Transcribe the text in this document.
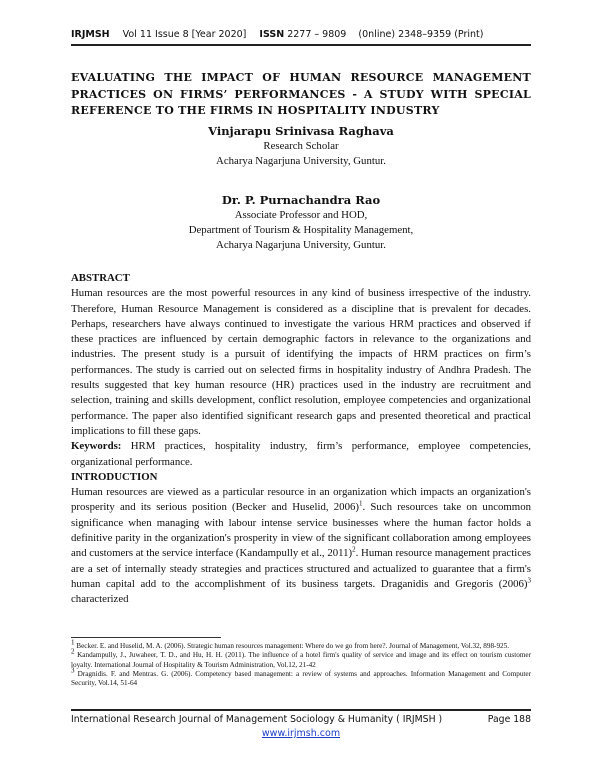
IRJMSH Vol 11 Issue 8 [Year 2020] ISSN 2277 – 9809    (0nline) 2348–9359 (Print)
EVALUATING THE IMPACT OF HUMAN RESOURCE MANAGEMENT PRACTICES ON FIRMS’ PERFORMANCES - A STUDY WITH SPECIAL REFERENCE TO THE FIRMS IN HOSPITALITY INDUSTRY
Vinjarapu Srinivasa Raghava
Research Scholar
Acharya Nagarjuna University, Guntur.
Dr. P. Purnachandra Rao
Associate Professor and HOD,
Department of Tourism & Hospitality Management,
Acharya Nagarjuna University, Guntur.
ABSTRACT
Human resources are the most powerful resources in any kind of business irrespective of the industry. Therefore, Human Resource Management is considered as a discipline that is prevalent for decades. Perhaps, researchers have always continued to investigate the various HRM practices and observed if these practices are influenced by certain demographic factors in relevance to the organizations and industries. The present study is a pursuit of identifying the impacts of HRM practices on firm’s performances. The study is carried out on selected firms in hospitality industry of Andhra Pradesh. The results suggested that key human resource (HR) practices used in the industry are recruitment and selection, training and skills development, conflict resolution, employee competencies and organizational performance. The paper also identified significant research gaps and presented theoretical and practical implications to fill these gaps.
Keywords: HRM practices, hospitality industry, firm’s performance, employee competencies, organizational performance.
INTRODUCTION
Human resources are viewed as a particular resource in an organization which impacts an organization's prosperity and its serious position (Becker and Huselid, 2006)$^1$. Such resources take on uncommon significance when managing with labour intense service businesses where the human factor holds a definitive parity in the organization's prosperity in view of the significant collaboration among employees and customers at the service interface (Kandampully et al., 2011)$^2$. Human resource management practices are a set of internally steady strategies and practices structured and actualized to guarantee that a firm's human capital add to the accomplishment of its business targets. Draganidis and Gregoris $(2006)^3$ characterized
$^1$ Becker. E. and Huselid, M. A. (2006). Strategic human resources management: Where do we go from here?. Journal of Management, Vol.32, 898-925.
$^2$ Kandampully, J., Juwaheer, T. D., and Hu, H. H. (2011). The influence of a hotel firm's quality of service and image and its effect on tourism customer loyalty. International Journal of Hospitality & Tourism Administration, Vol.12, 21-42
$^3$ Dragnidis. F. and Mentras. G. (2006). Competency based management: a review of systems and approaches. Information Management and Computer Security, Vol.14, 51-64
International Research Journal of Management Sociology & Humanity ( IRJMSH )	Page 188
www.irjmsh.com
